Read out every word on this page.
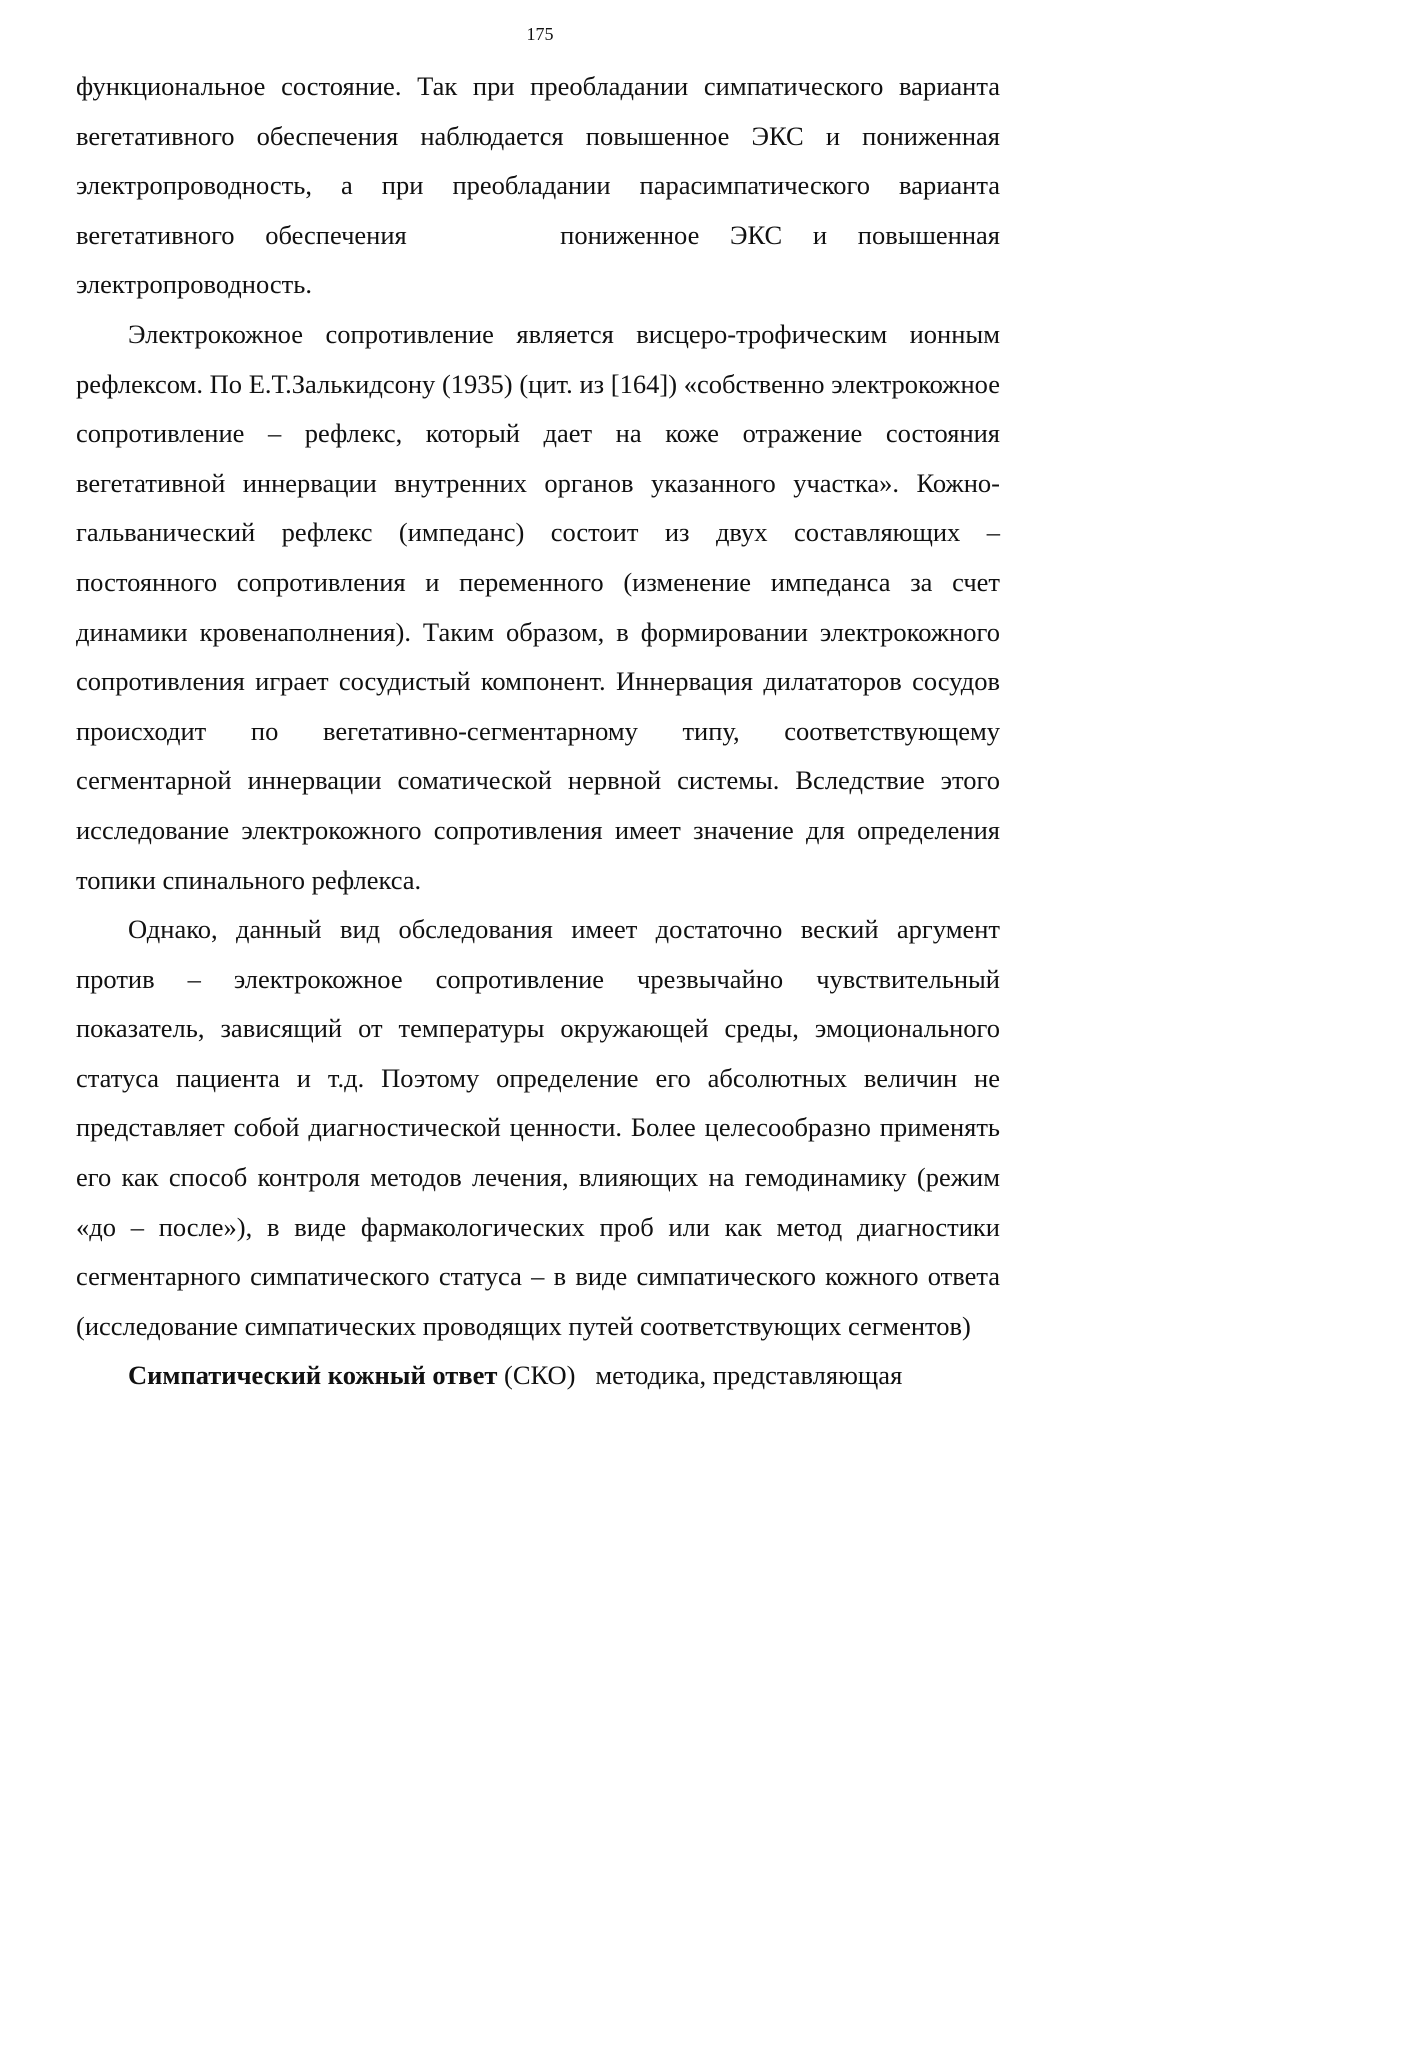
175

функциональное состояние. Так при преобладании симпатического варианта вегетативного обеспечения наблюдается повышенное ЭКС и пониженная электропроводность, а при преобладании парасимпатического варианта вегетативного обеспечения     пониженное ЭКС и повышенная электропроводность.

Электрокожное сопротивление является висцеро-трофическим ионным рефлексом. По Е.Т.Залькидсону (1935) (цит. из [164]) «собственно электрокожное сопротивление – рефлекс, который дает на коже отражение состояния вегетативной иннервации внутренних органов указанного участка». Кожно-гальванический рефлекс (импеданс) состоит из двух составляющих – постоянного сопротивления и переменного (изменение импеданса за счет динамики кровенаполнения). Таким образом, в формировании электрокожного сопротивления играет сосудистый компонент. Иннервация дилататоров сосудов происходит по вегетативно-сегментарному типу, соответствующему сегментарной иннервации соматической нервной системы. Вследствие этого исследование электрокожного сопротивления имеет значение для определения топики спинального рефлекса.

Однако, данный вид обследования имеет достаточно веский аргумент против – электрокожное сопротивление чрезвычайно чувствительный показатель, зависящий от температуры окружающей среды, эмоционального статуса пациента и т.д. Поэтому определение его абсолютных величин не представляет собой диагностической ценности. Более целесообразно применять его как способ контроля методов лечения, влияющих на гемодинамику (режим «до – после»), в виде фармакологических проб или как метод диагностики сегментарного симпатического статуса – в виде симпатического кожного ответа (исследование симпатических проводящих путей соответствующих сегментов)

Симпатический кожный ответ (СКО)   методика, представляющая
